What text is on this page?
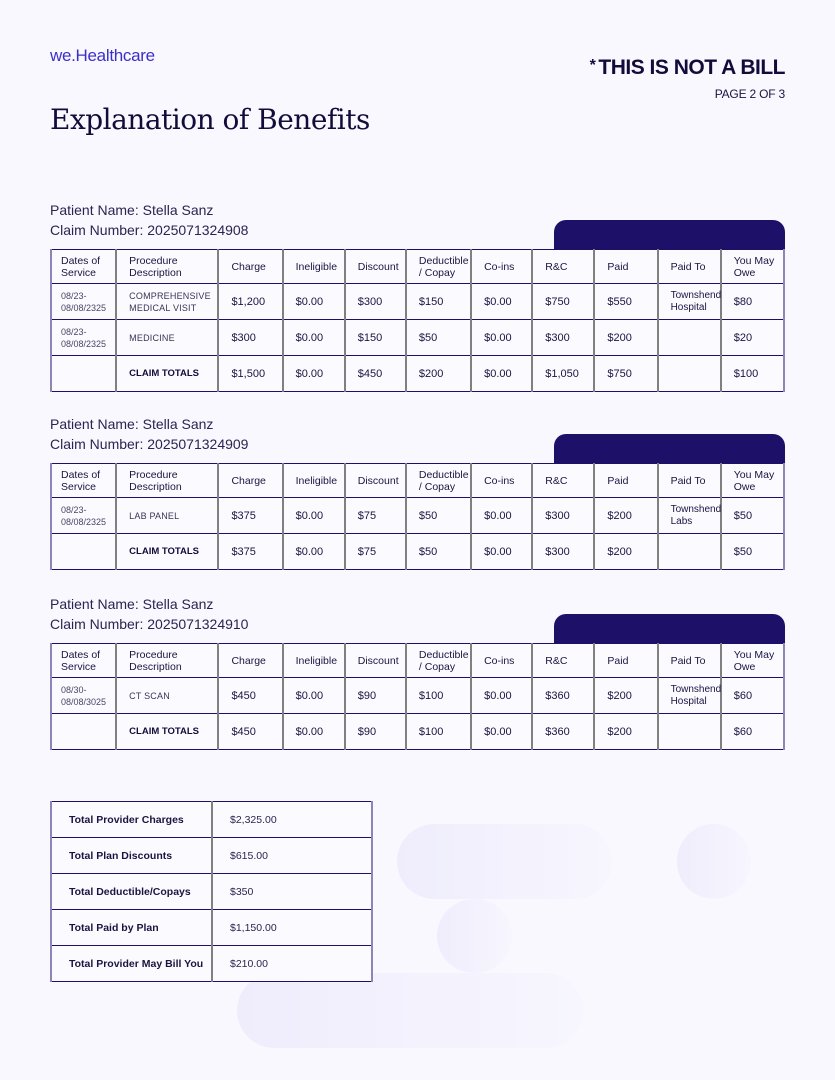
we.Healthcare
Explanation of Benefits
* THIS IS NOT A BILL
PAGE 2 OF 3
Patient Name: Stella Sanz
Claim Number: 2025071324908
Dates of Service	Procedure Description	Charge	Ineligible	Discount	Deductible / Copay	Co-ins	R&C	Paid	Paid To	You May Owe
08/23-08/08/2325	COMPREHENSIVE MEDICAL VISIT	$1,200	$0.00	$300	$150	$0.00	$750	$550	Townshend Hospital	$80
08/23-08/08/2325	MEDICINE	$300	$0.00	$150	$50	$0.00	$300	$200		$20
	CLAIM TOTALS	$1,500	$0.00	$450	$200	$0.00	$1,050	$750		$100
Patient Name: Stella Sanz
Claim Number: 2025071324909
Dates of Service	Procedure Description	Charge	Ineligible	Discount	Deductible / Copay	Co-ins	R&C	Paid	Paid To	You May Owe
08/23-08/08/2325	LAB PANEL	$375	$0.00	$75	$50	$0.00	$300	$200	Townshend Labs	$50
	CLAIM TOTALS	$375	$0.00	$75	$50	$0.00	$300	$200		$50
Patient Name: Stella Sanz
Claim Number: 2025071324910
Dates of Service	Procedure Description	Charge	Ineligible	Discount	Deductible / Copay	Co-ins	R&C	Paid	Paid To	You May Owe
08/30-08/08/3025	CT SCAN	$450	$0.00	$90	$100	$0.00	$360	$200	Townshend Hospital	$60
	CLAIM TOTALS	$450	$0.00	$90	$100	$0.00	$360	$200		$60
Total Provider Charges	$2,325.00
Total Plan Discounts	$615.00
Total Deductible/Copays	$350
Total Paid by Plan	$1,150.00
Total Provider May Bill You	$210.00
